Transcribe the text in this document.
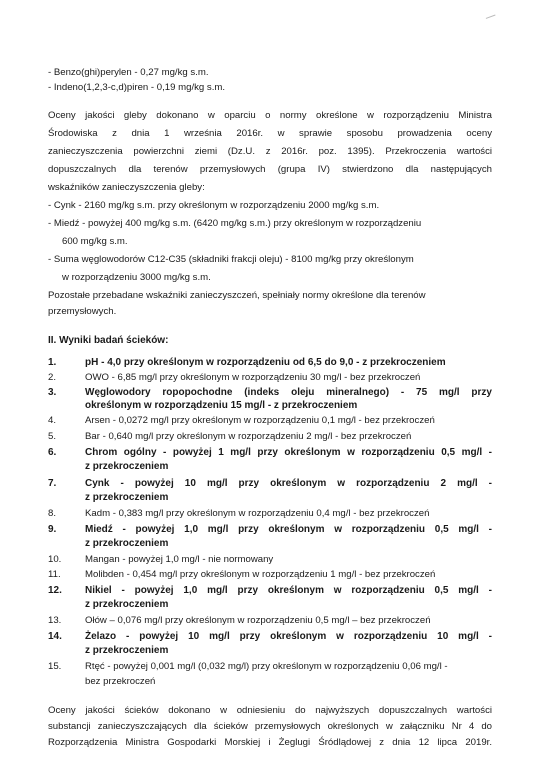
- Benzo(ghi)perylen - 0,27 mg/kg s.m.
- Indeno(1,2,3-c,d)piren - 0,19 mg/kg s.m.
Oceny jakości gleby dokonano w oparciu o normy określone w rozporządzeniu Ministra
Środowiska z dnia 1 września 2016r. w sprawie sposobu prowadzenia oceny
zanieczyszczenia powierzchni ziemi (Dz.U. z 2016r. poz. 1395). Przekroczenia wartości
dopuszczalnych dla terenów przemysłowych (grupa IV) stwierdzono dla następujących
wskaźników zanieczyszczenia gleby:
- Cynk - 2160 mg/kg s.m. przy określonym w rozporządzeniu 2000 mg/kg s.m.
- Miedź - powyżej 400 mg/kg s.m. (6420 mg/kg s.m.) przy określonym w rozporządzeniu
600 mg/kg s.m.
- Suma węglowodorów C12-C35 (składniki frakcji oleju) - 8100 mg/kg przy określonym
w rozporządzeniu 3000 mg/kg s.m.
Pozostałe przebadane wskaźniki zanieczyszczeń, spełniały normy określone dla terenów
przemysłowych.
II. Wyniki badań ścieków:
1.	pH - 4,0 przy określonym w rozporządzeniu od 6,5 do 9,0 - z przekroczeniem
2.	OWO - 6,85 mg/l przy określonym w rozporządzeniu 30 mg/l - bez przekroczeń
3.	Węglowodory ropopochodne (indeks oleju mineralnego) - 75 mg/l przy
określonym w rozporządzeniu 15 mg/l - z przekroczeniem
4.	Arsen - 0,0272 mg/l przy określonym w rozporządzeniu 0,1 mg/l - bez przekroczeń
5.	Bar - 0,640 mg/l przy określonym w rozporządzeniu 2 mg/l - bez przekroczeń
6.	Chrom ogólny - powyżej 1 mg/l przy określonym w rozporządzeniu 0,5 mg/l -
z przekroczeniem
7.	Cynk - powyżej 10 mg/l przy określonym w rozporządzeniu 2 mg/l -
z przekroczeniem
8.	Kadm - 0,383 mg/l przy określonym w rozporządzeniu 0,4 mg/l - bez przekroczeń
9.	Miedź - powyżej 1,0 mg/l przy określonym w rozporządzeniu 0,5 mg/l -
z przekroczeniem
10. Mangan - powyżej 1,0 mg/l - nie normowany
11.	Molibden - 0,454 mg/l przy określonym w rozporządzeniu 1 mg/l - bez przekroczeń
12. Nikiel - powyżej 1,0 mg/l przy określonym w rozporządzeniu 0,5 mg/l -
z przekroczeniem
13. Ołów – 0,076 mg/l przy określonym w rozporządzeniu 0,5 mg/l – bez przekroczeń
14. Żelazo - powyżej 10 mg/l przy określonym w rozporządzeniu 10 mg/l -
z przekroczeniem
15. Rtęć - powyżej 0,001 mg/l (0,032 mg/l) przy określonym w rozporządzeniu 0,06 mg/l -
bez przekroczeń
Oceny jakości ścieków dokonano w odniesieniu do najwyższych dopuszczalnych wartości
substancji zanieczyszczających dla ścieków przemysłowych określonych w załączniku Nr 4 do
Rozporządzenia Ministra Gospodarki Morskiej i Żeglugi Śródlądowej z dnia 12 lipca 2019r.
